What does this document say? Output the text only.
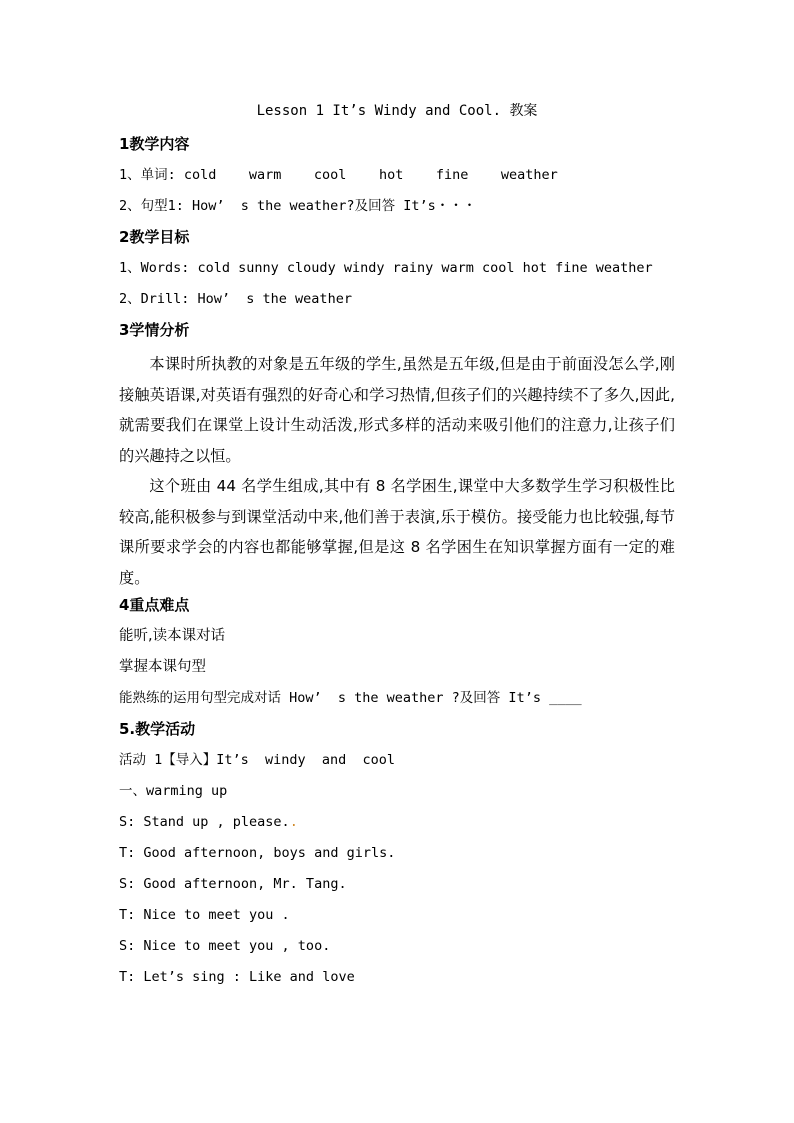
Lesson 1 It’s Windy and Cool. 教案
1教学内容
1、单词: cold    warm    cool    hot    fine    weather
2、句型1: How’  s the weather?及回答 It’s・・・
2教学目标
1、Words: cold sunny cloudy windy rainy warm cool hot fine weather
2、Drill: How’  s the weather
3学情分析

本课时所执教的对象是五年级的学生,虽然是五年级,但是由于前面没怎么学,刚接触英语课,对英语有强烈的好奇心和学习热情,但孩子们的兴趣持续不了多久,因此,就需要我们在课堂上设计生动活泼,形式多样的活动来吸引他们的注意力,让孩子们的兴趣持之以恒。

这个班由 44 名学生组成,其中有 8 名学困生,课堂中大多数学生学习积极性比较高,能积极参与到课堂活动中来,他们善于表演,乐于模仿。接受能力也比较强,每节课所要求学会的内容也都能够掌握,但是这 8 名学困生在知识掌握方面有一定的难度。

4重点难点
能听,读本课对话
掌握本课句型
能熟练的运用句型完成对话 How’  s the weather ?及回答 It’s ____
5.教学活动
活动 1【导入】It’s  windy  and  cool
一、warming up
S: Stand up , please..
T: Good afternoon, boys and girls.
S: Good afternoon, Mr. Tang.
T: Nice to meet you .
S: Nice to meet you , too.
T: Let’s sing : Like and love
